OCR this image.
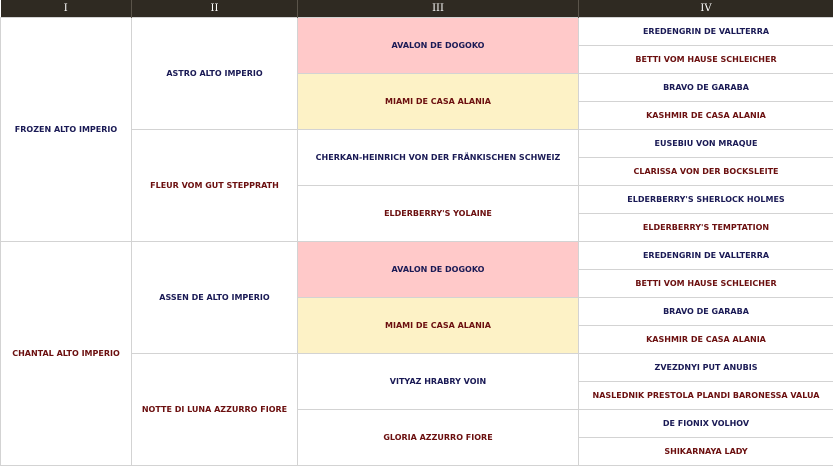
I	II	III	IV
FROZEN ALTO IMPERIO	ASTRO ALTO IMPERIO	AVALON DE DOGOKO	EREDENGRIN DE VALLTERRA
			BETTI VOM HAUSE SCHLEICHER
		MIAMI DE CASA ALANIA	BRAVO DE GARABA
			KASHMIR DE CASA ALANIA
	FLEUR VOM GUT STEPPRATH	CHERKAN-HEINRICH VON DER FRÄNKISCHEN SCHWEIZ	EUSEBIU VON MRAQUE
			CLARISSA VON DER BOCKSLEITE
		ELDERBERRY'S YOLAINE	ELDERBERRY'S SHERLOCK HOLMES
			ELDERBERRY'S TEMPTATION
CHANTAL ALTO IMPERIO	ASSEN DE ALTO IMPERIO	AVALON DE DOGOKO	EREDENGRIN DE VALLTERRA
			BETTI VOM HAUSE SCHLEICHER
		MIAMI DE CASA ALANIA	BRAVO DE GARABA
			KASHMIR DE CASA ALANIA
	NOTTE DI LUNA AZZURRO FIORE	VITYAZ HRABRY VOIN	ZVEZDNYI PUT ANUBIS
			NASLEDNIK PRESTOLA PLANDI BARONESSA VALUA
		GLORIA AZZURRO FIORE	DE FIONIX VOLHOV
			SHIKARNAYA LADY
